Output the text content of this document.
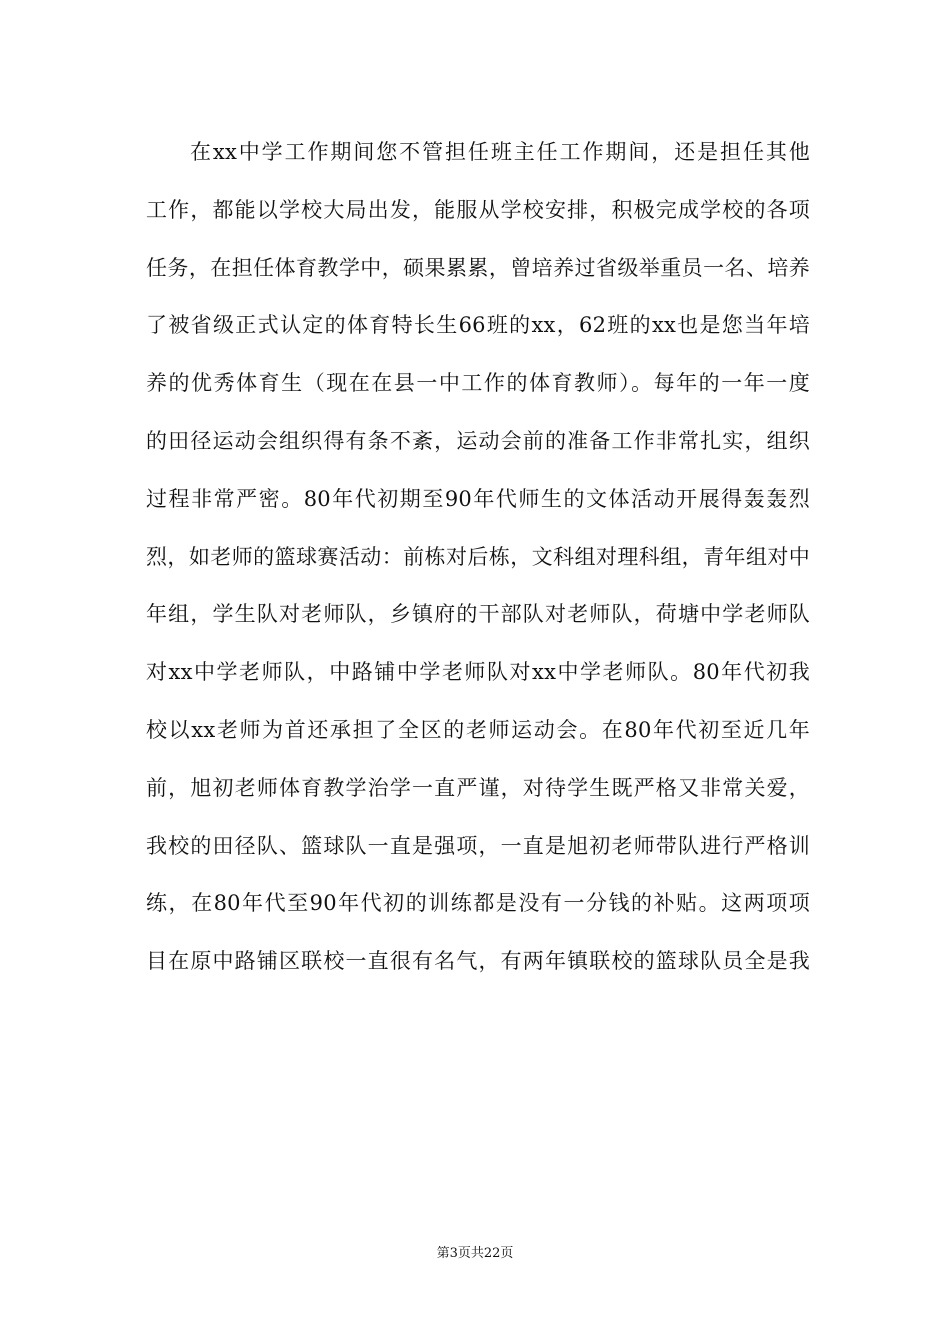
在xx中学工作期间您不管担任班主任工作期间，还是担任其他
工作，都能以学校大局出发，能服从学校安排，积极完成学校的各项
任务，在担任体育教学中，硕果累累，曾培养过省级举重员一名、培养
了被省级正式认定的体育特长生66班的xx，62班的xx也是您当年培
养的优秀体育生（现在在县一中工作的体育教师）。每年的一年一度
的田径运动会组织得有条不紊，运动会前的准备工作非常扎实，组织
过程非常严密。80年代初期至90年代师生的文体活动开展得轰轰烈
烈，如老师的篮球赛活动：前栋对后栋，文科组对理科组，青年组对中
年组，学生队对老师队，乡镇府的干部队对老师队，荷塘中学老师队
对xx中学老师队，中路铺中学老师队对xx中学老师队。80年代初我
校以xx老师为首还承担了全区的老师运动会。在80年代初至近几年
前，旭初老师体育教学治学一直严谨，对待学生既严格又非常关爱，
我校的田径队、篮球队一直是强项，一直是旭初老师带队进行严格训
练，在80年代至90年代初的训练都是没有一分钱的补贴。这两项项
目在原中路铺区联校一直很有名气，有两年镇联校的篮球队员全是我
第3页共22页
